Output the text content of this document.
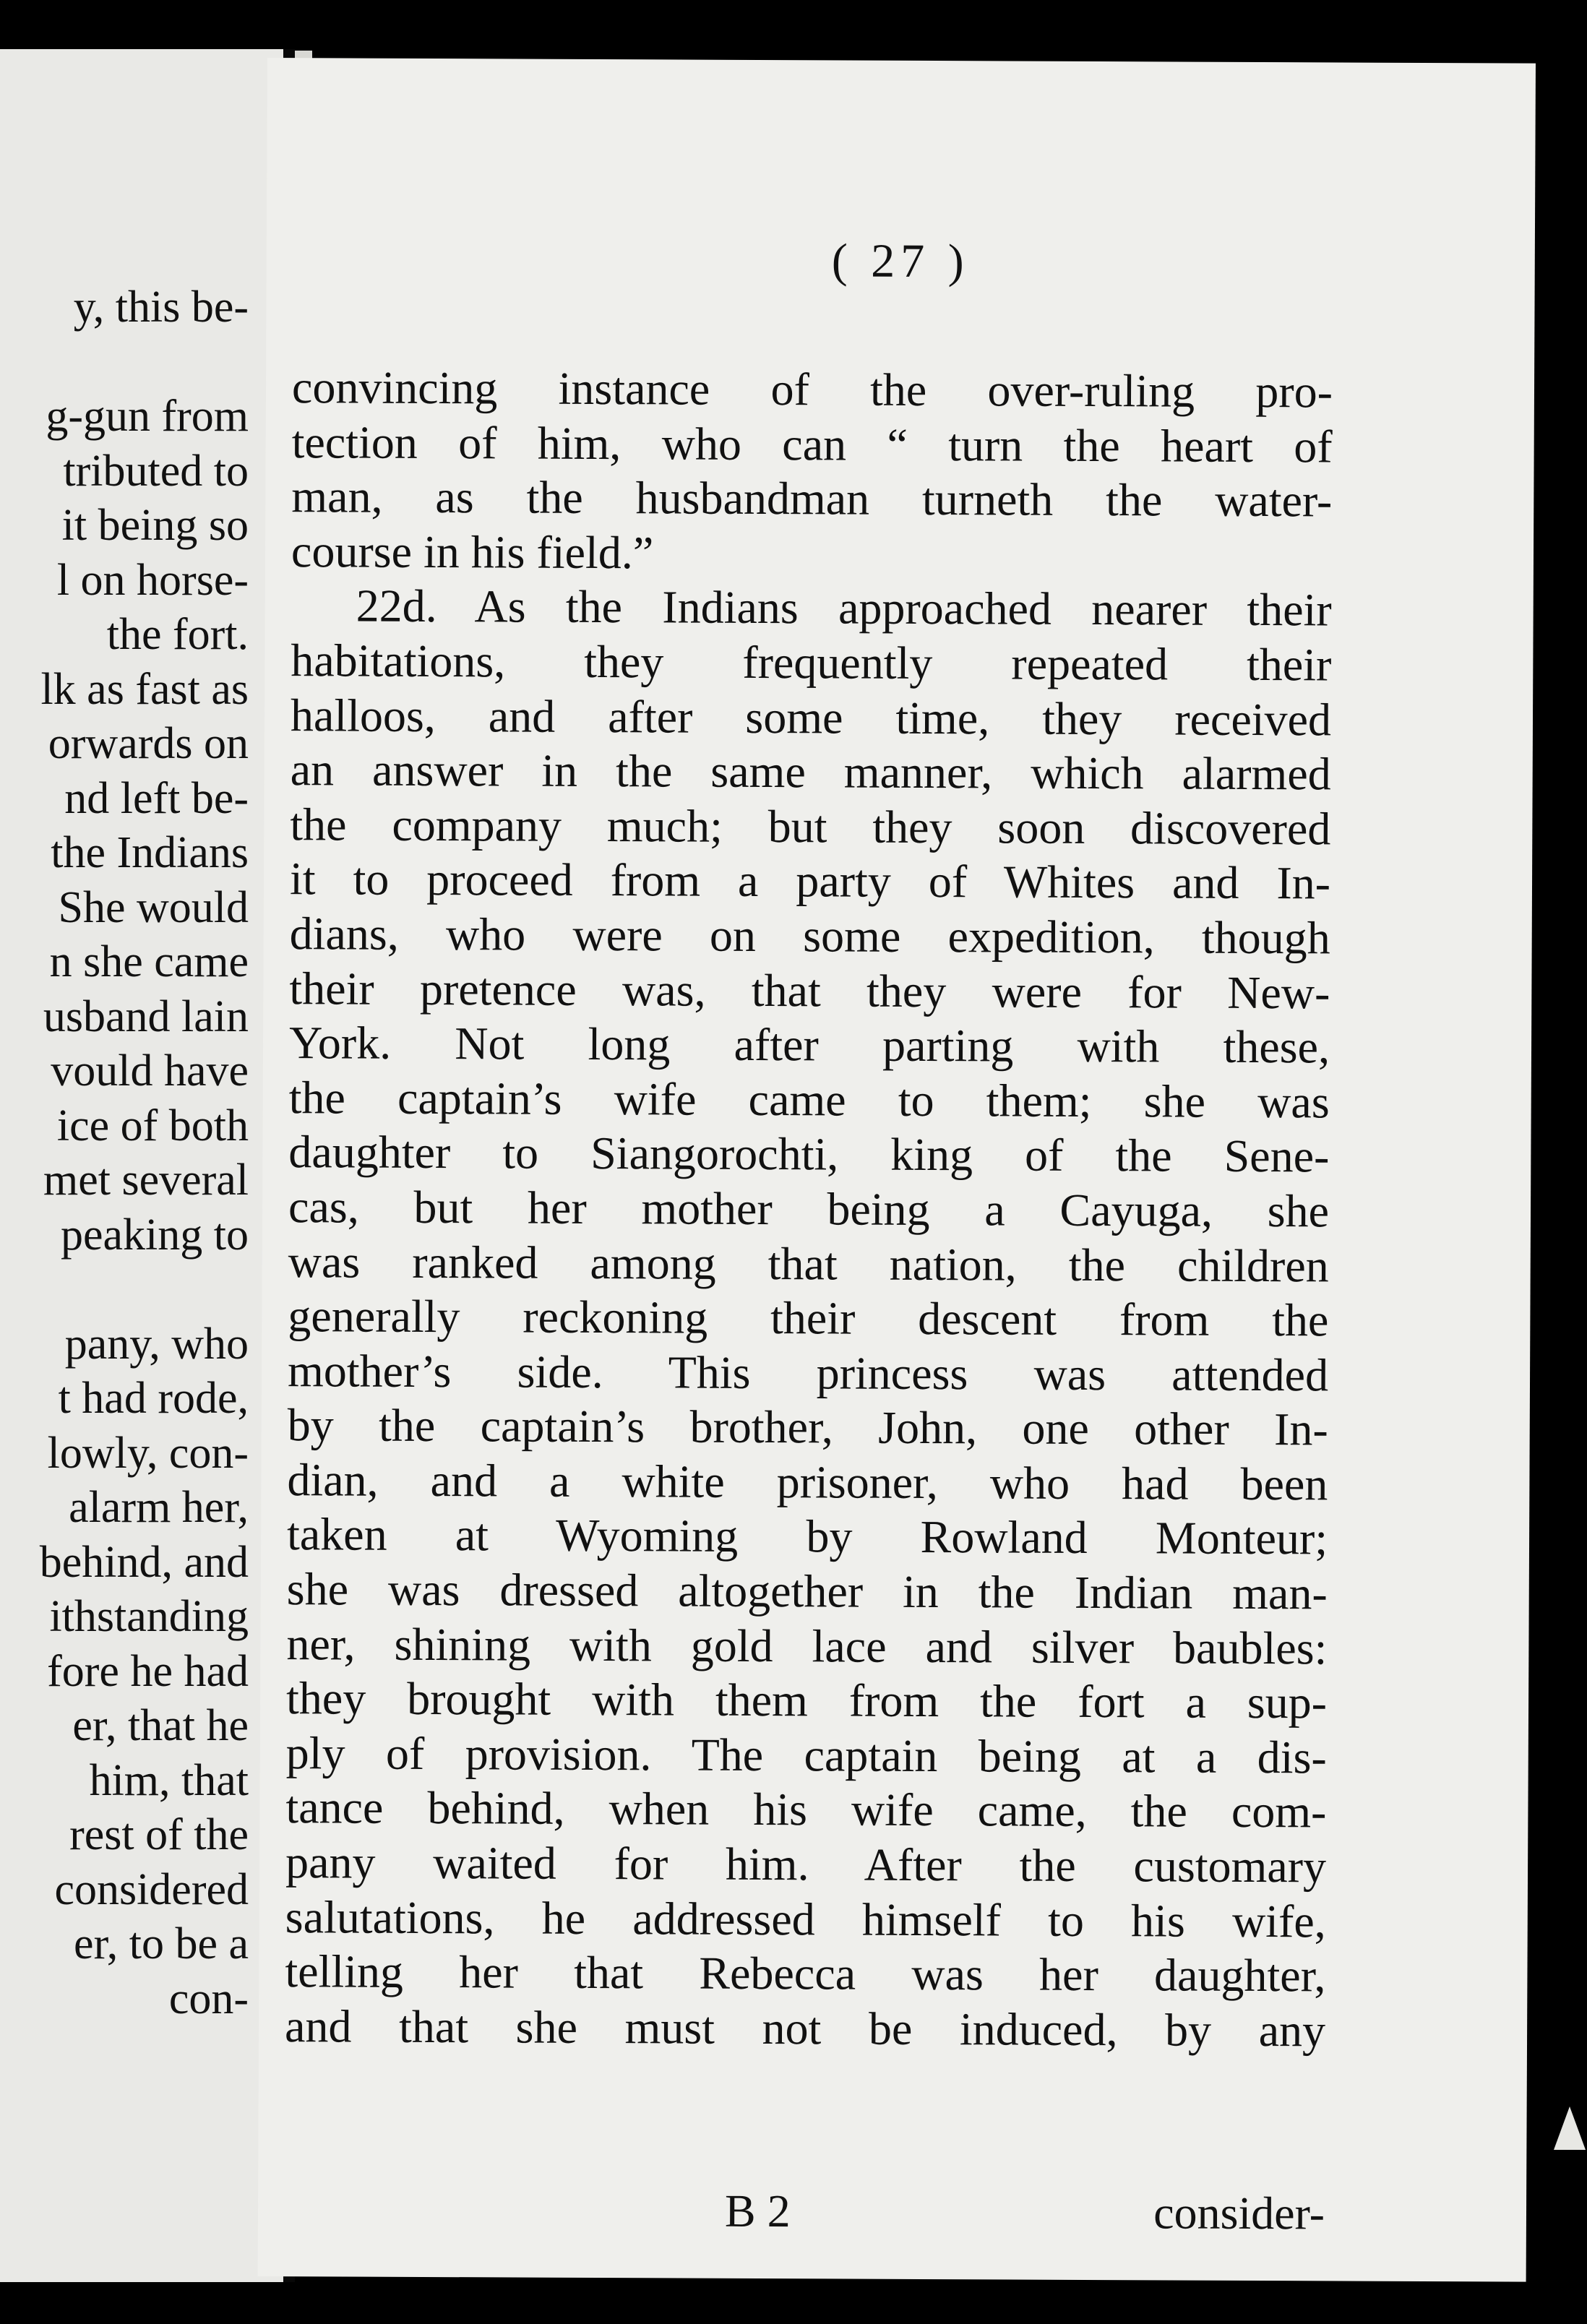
y, this be-
g-gun from
tributed to
it being so
l on horse-
the fort.
lk as fast as
orwards on
nd left be-
the Indians
She would
n she came
usband lain
vould have
ice of both
met several
peaking to
pany, who
t had rode,
lowly, con-
alarm her,
behind, and
ithstanding
fore he had
er, that he
him, that
rest of the
considered
er, to be a
con-
( 27 )
convincing instance of the over-ruling pro-
tection of him, who can “ turn the heart of
man, as the husbandman turneth the water-
course in his field.”
22d. As the Indians approached nearer their
habitations, they frequently repeated their
halloos, and after some time, they received
an answer in the same manner, which alarmed
the company much; but they soon discovered
it to proceed from a party of Whites and In-
dians, who were on some expedition, though
their pretence was, that they were for New-
York. Not long after parting with these,
the captain’s wife came to them; she was
daughter to Siangorochti, king of the Sene-
cas, but her mother being a Cayuga, she
was ranked among that nation, the children
generally reckoning their descent from the
mother’s side. This princess was attended
by the captain’s brother, John, one other In-
dian, and a white prisoner, who had been
taken at Wyoming by Rowland Monteur;
she was dressed altogether in the Indian man-
ner, shining with gold lace and silver baubles:
they brought with them from the fort a sup-
ply of provision. The captain being at a dis-
tance behind, when his wife came, the com-
pany waited for him. After the customary
salutations, he addressed himself to his wife,
telling her that Rebecca was her daughter,
and that she must not be induced, by any
B 2	consider-
